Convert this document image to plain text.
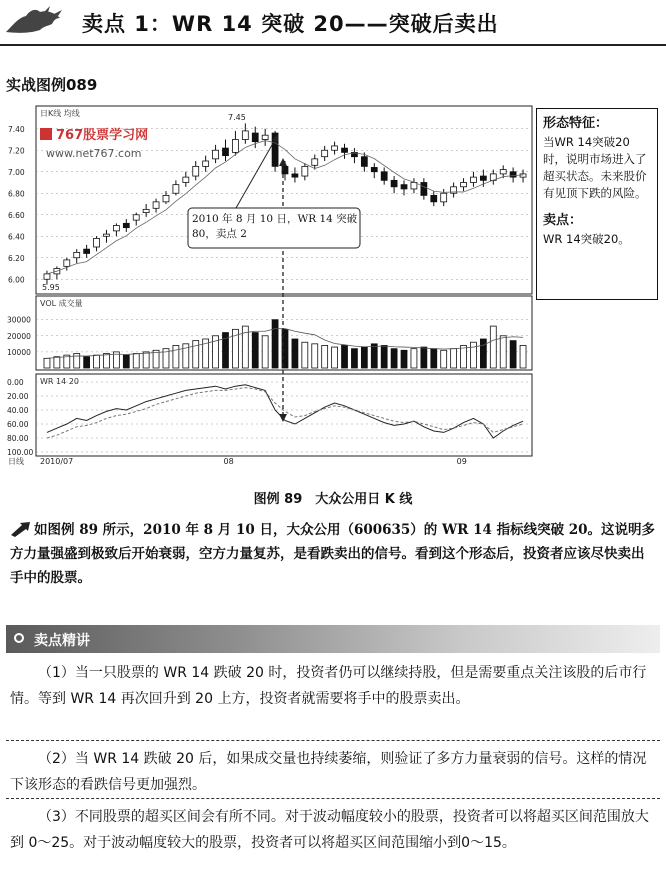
卖点 1：WR 14 突破 20——突破后卖出
实战图例089
7.40
7.20
7.00
6.80
6.60
6.40
6.20
6.00
30000
20000
10000
100.00
80.00
60.00
40.00
20.00
0.00
2010/07	08	09
日K线 均线
VOL 成交量
WR 14 20
日线
767股票学习网
www.net767.com
7.45
5.95
2010 年 8 月 10 日，WR 14 突破 80，卖点 2
形态特征：
当WR 14突破20时，说明市场进入了超买状态。未来股价有见顶下跌的风险。
卖点：
WR 14突破20。
图例 89　大众公用日 K 线
如图例 89 所示，2010 年 8 月 10 日，大众公用（600635）的 WR 14 指标线突破 20。这说明多方力量强盛到极致后开始衰弱，空方力量复苏，是看跌卖出的信号。看到这个形态后，投资者应该尽快卖出手中的股票。
卖点精讲
（1）当一只股票的 WR 14 跌破 20 时，投资者仍可以继续持股，但是需要重点关注该股的后市行情。等到 WR 14 再次回升到 20 上方，投资者就需要将手中的股票卖出。
（2）当 WR 14 跌破 20 后，如果成交量也持续萎缩，则验证了多方力量衰弱的信号。这样的情况下该形态的看跌信号更加强烈。
（3）不同股票的超买区间会有所不同。对于波动幅度较小的股票，投资者可以将超买区间范围放大到 0～25。对于波动幅度较大的股票，投资者可以将超买区间范围缩小到0～15。
